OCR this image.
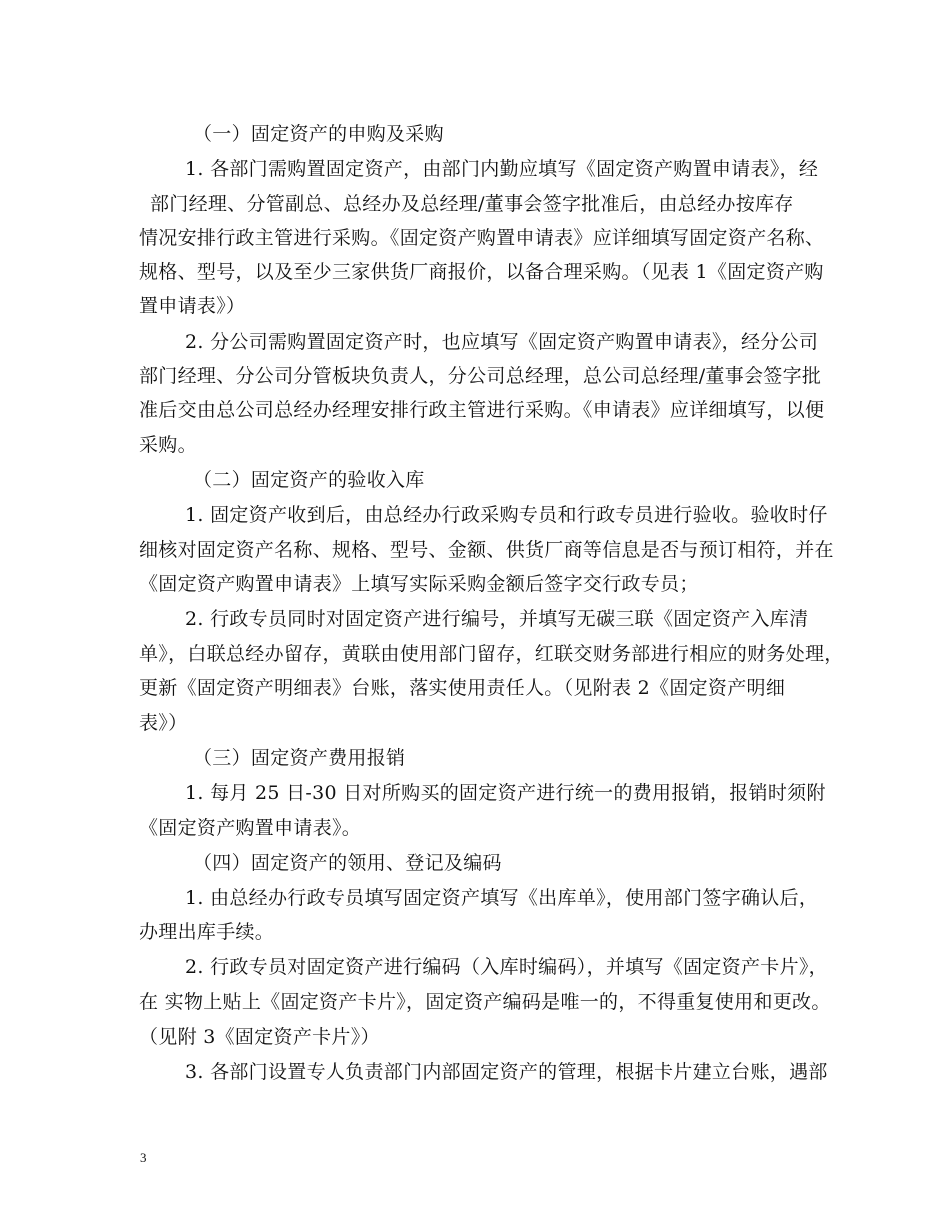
（一）固定资产的申购及采购
1. 各部门需购置固定资产，由部门内勤应填写《固定资产购置申请表》，经
部门经理、分管副总、总经办及总经理/董事会签字批准后，由总经办按库存
情况安排行政主管进行采购。《固定资产购置申请表》应详细填写固定资产名称、
规格、型号，以及至少三家供货厂商报价，以备合理采购。（见表 1《固定资产购
置申请表》）
2. 分公司需购置固定资产时，也应填写《固定资产购置申请表》，经分公司
部门经理、分公司分管板块负责人，分公司总经理，总公司总经理/董事会签字批
准后交由总公司总经办经理安排行政主管进行采购。《申请表》应详细填写，以便
采购。
（二）固定资产的验收入库
1. 固定资产收到后，由总经办行政采购专员和行政专员进行验收。验收时仔
细核对固定资产名称、规格、型号、金额、供货厂商等信息是否与预订相符，并在
《固定资产购置申请表》上填写实际采购金额后签字交行政专员；
2. 行政专员同时对固定资产进行编号，并填写无碳三联《固定资产入库清
单》，白联总经办留存，黄联由使用部门留存，红联交财务部进行相应的财务处理，
更新《固定资产明细表》台账，落实使用责任人。（见附表 2《固定资产明细
表》）
（三）固定资产费用报销
1. 每月 25 日-30 日对所购买的固定资产进行统一的费用报销，报销时须附
《固定资产购置申请表》。
（四）固定资产的领用、登记及编码
1. 由总经办行政专员填写固定资产填写《出库单》，使用部门签字确认后，
办理出库手续。
2. 行政专员对固定资产进行编码（入库时编码），并填写《固定资产卡片》，
在 实物上贴上《固定资产卡片》，固定资产编码是唯一的，不得重复使用和更改。
（见附 3《固定资产卡片》）
3. 各部门设置专人负责部门内部固定资产的管理，根据卡片建立台账，遇部
3
